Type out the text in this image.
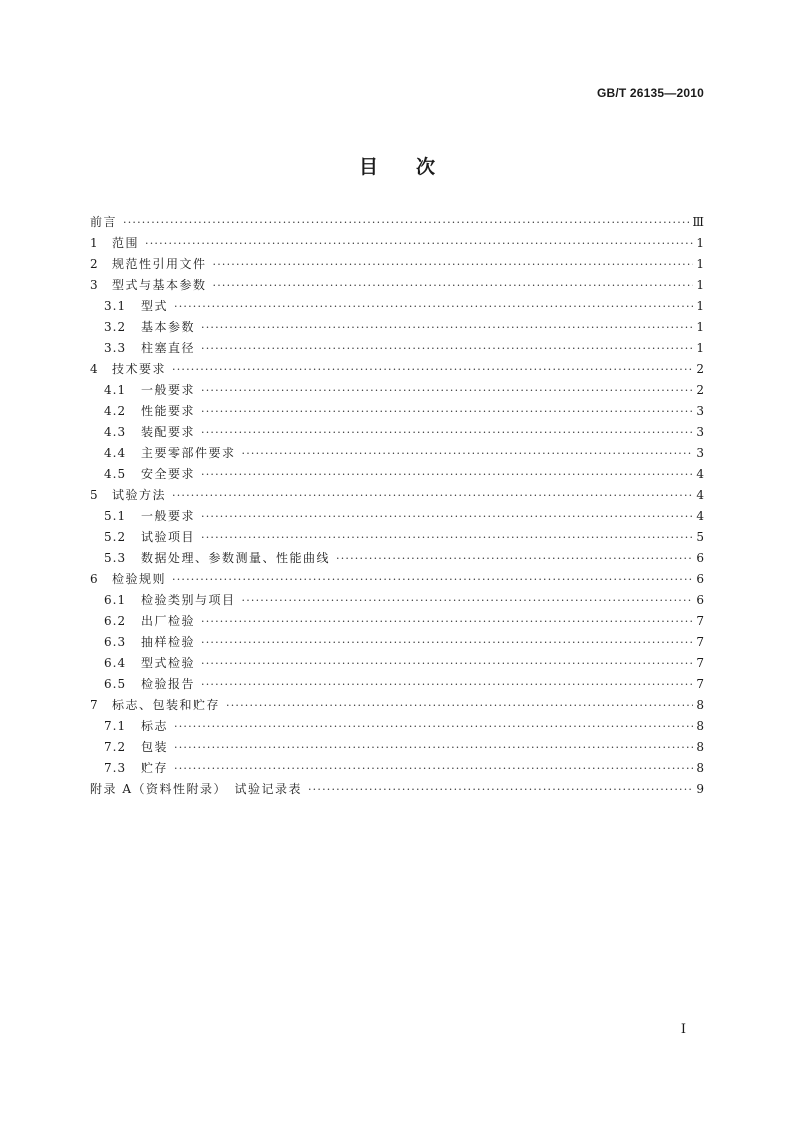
GB/T 26135—2010
目次
前言 ·····	Ⅲ
1	范围 ·····	1
2	规范性引用文件 ·····	1
3	型式与基本参数 ·····	1
3.1	型式 ·····	1
3.2	基本参数 ·····	1
3.3	柱塞直径 ·····	1
4	技术要求 ·····	2
4.1	一般要求 ·····	2
4.2	性能要求 ·····	3
4.3	装配要求 ·····	3
4.4	主要零部件要求 ·····	3
4.5	安全要求 ·····	4
5	试验方法 ·····	4
5.1	一般要求 ·····	4
5.2	试验项目 ·····	5
5.3	数据处理、参数测量、性能曲线 ·····	6
6	检验规则 ·····	6
6.1	检验类别与项目 ·····	6
6.2	出厂检验 ·····	7
6.3	抽样检验 ·····	7
6.4	型式检验 ·····	7
6.5	检验报告 ·····	7
7	标志、包装和贮存 ·····	8
7.1	标志 ·····	8
7.2	包装 ·····	8
7.3	贮存 ·····	8
附录 A（资料性附录）　试验记录表 ·····	9
I
